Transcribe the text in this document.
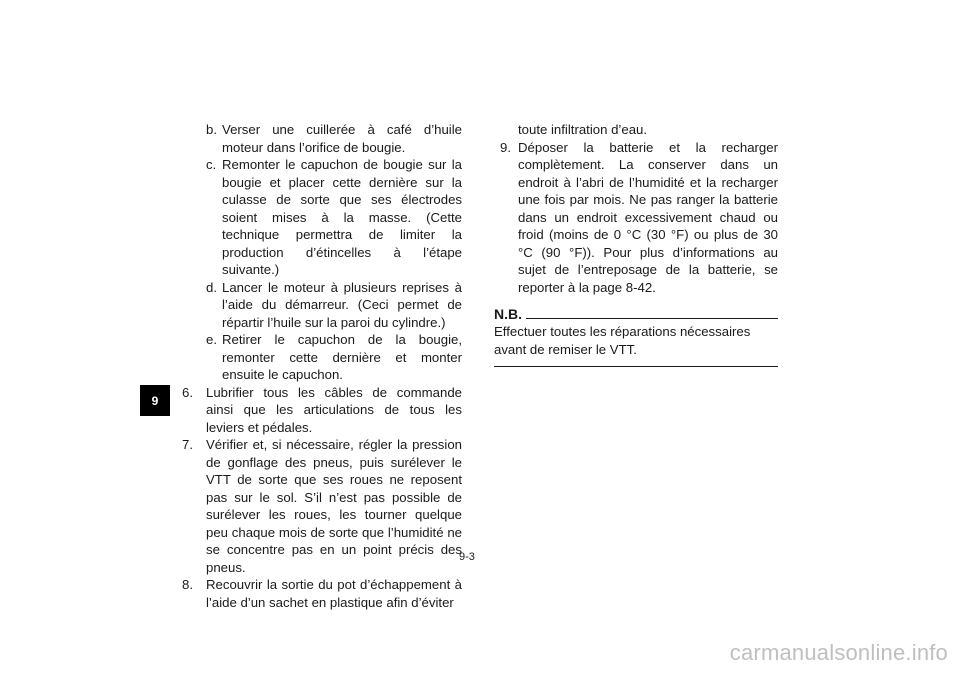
9
b. Verser une cuillerée à café d’huile moteur dans l’orifice de bougie.
c. Remonter le capuchon de bougie sur la bougie et placer cette dernière sur la culasse de sorte que ses électrodes soient mises à la masse. (Cette technique permettra de limiter la production d’étincelles à l’étape suivante.)
d. Lancer le moteur à plusieurs reprises à l’aide du démarreur. (Ceci permet de répartir l’huile sur la paroi du cylindre.)
e. Retirer le capuchon de la bougie, remonter cette dernière et monter ensuite le capuchon.
6. Lubrifier tous les câbles de commande ainsi que les articulations de tous les leviers et pédales.
7. Vérifier et, si nécessaire, régler la pression de gonflage des pneus, puis surélever le VTT de sorte que ses roues ne reposent pas sur le sol. S’il n’est pas possible de surélever les roues, les tourner quelque peu chaque mois de sorte que l’humidité ne se concentre pas en un point précis des pneus.
8. Recouvrir la sortie du pot d’échappement à l’aide d’un sachet en plastique afin d’éviter
toute infiltration d’eau.
9. Déposer la batterie et la recharger complètement. La conserver dans un endroit à l’abri de l’humidité et la recharger une fois par mois. Ne pas ranger la batterie dans un endroit excessivement chaud ou froid (moins de 0 °C (30 °F) ou plus de 30 °C (90 °F)). Pour plus d’informations au sujet de l’entreposage de la batterie, se reporter à la page 8-42.
N.B.
Effectuer toutes les réparations nécessaires avant de remiser le VTT.
9-3
carmanualsonline.info
